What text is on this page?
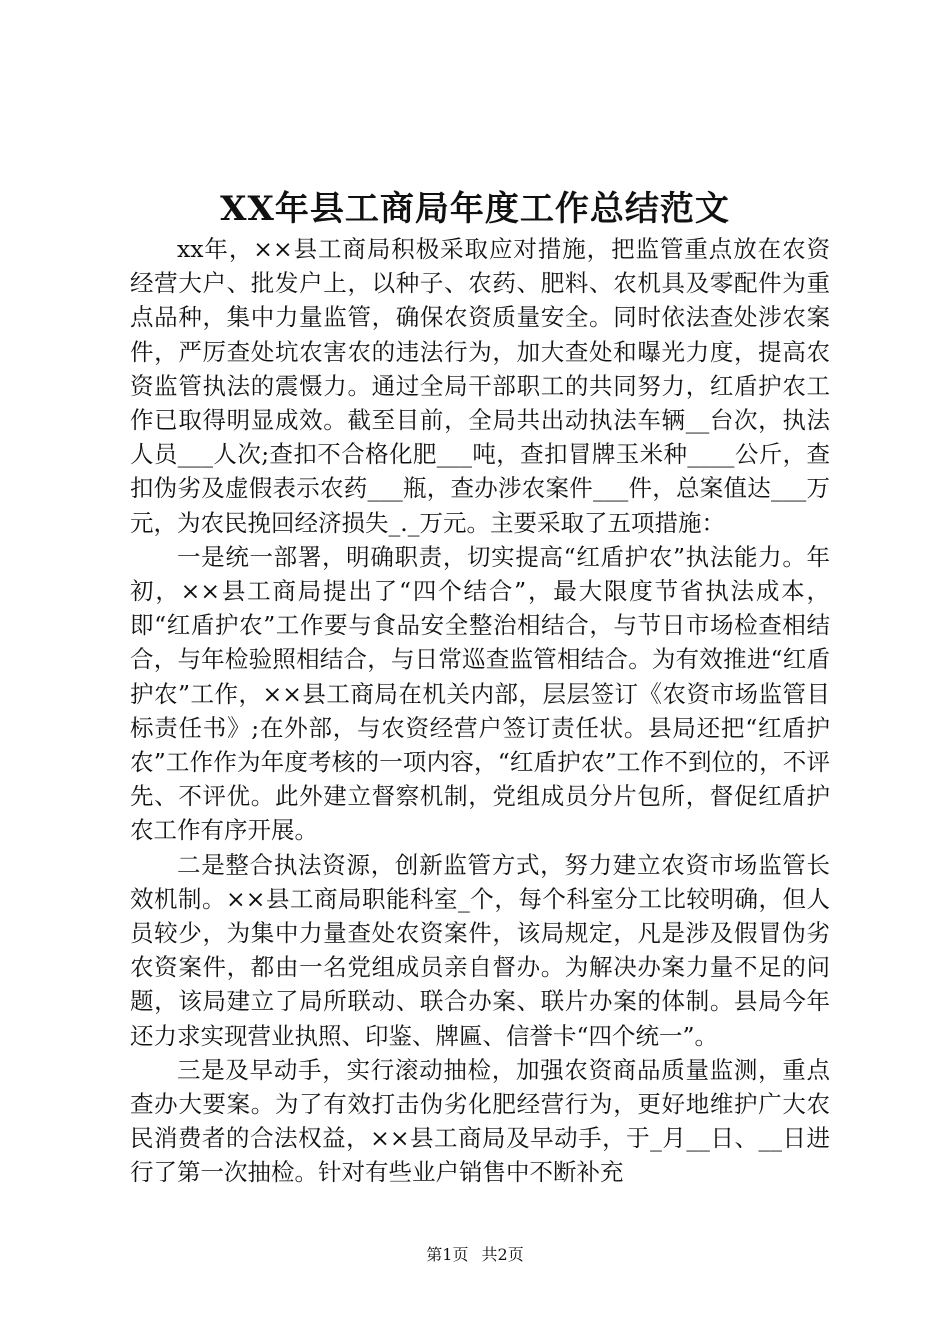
XX年县工商局年度工作总结范文

xx年，××县工商局积极采取应对措施，把监管重点放在农资经营大户、批发户上，以种子、农药、肥料、农机具及零配件为重点品种，集中力量监管，确保农资质量安全。同时依法查处涉农案件，严厉查处坑农害农的违法行为，加大查处和曝光力度，提高农资监管执法的震慑力。通过全局干部职工的共同努力，红盾护农工作已取得明显成效。截至目前，全局共出动执法车辆__台次，执法人员___人次;查扣不合格化肥___吨，查扣冒牌玉米种____公斤，查扣伪劣及虚假表示农药___瓶，查办涉农案件___件，总案值达___万元，为农民挽回经济损失_._万元。主要采取了五项措施：

一是统一部署，明确职责，切实提高“红盾护农”执法能力。年初，××县工商局提出了“四个结合”，最大限度节省执法成本，即“红盾护农”工作要与食品安全整治相结合，与节日市场检查相结合，与年检验照相结合，与日常巡查监管相结合。为有效推进“红盾护农”工作，××县工商局在机关内部，层层签订《农资市场监管目标责任书》;在外部，与农资经营户签订责任状。县局还把“红盾护农”工作作为年度考核的一项内容，“红盾护农”工作不到位的，不评先、不评优。此外建立督察机制，党组成员分片包所，督促红盾护农工作有序开展。

二是整合执法资源，创新监管方式，努力建立农资市场监管长效机制。××县工商局职能科室_个，每个科室分工比较明确，但人员较少，为集中力量查处农资案件，该局规定，凡是涉及假冒伪劣农资案件，都由一名党组成员亲自督办。为解决办案力量不足的问题，该局建立了局所联动、联合办案、联片办案的体制。县局今年还力求实现营业执照、印鉴、牌匾、信誉卡“四个统一”。

三是及早动手，实行滚动抽检，加强农资商品质量监测，重点查办大要案。为了有效打击伪劣化肥经营行为，更好地维护广大农民消费者的合法权益，××县工商局及早动手，于_月__日、__日进行了第一次抽检。针对有些业户销售中不断补充

第1页 共2页
